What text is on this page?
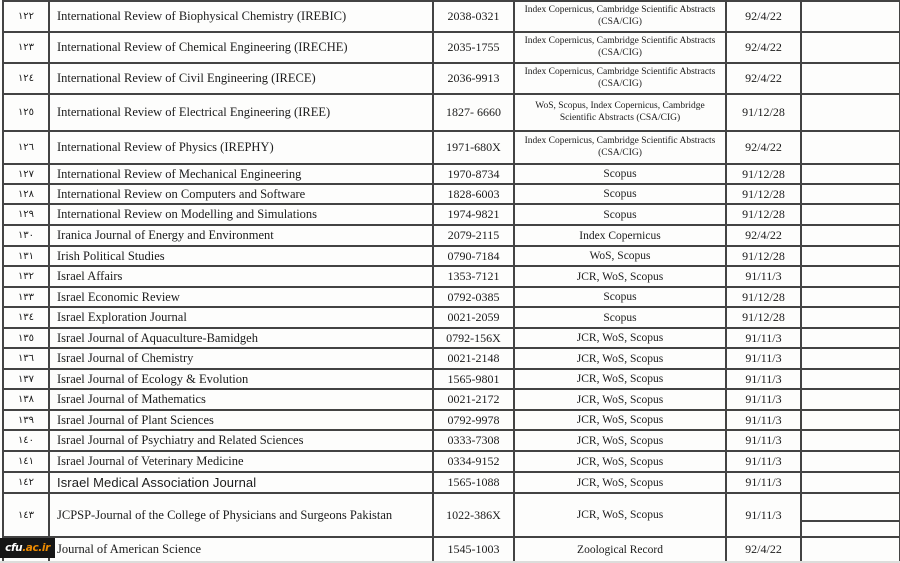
١٢٢	International Review of Biophysical Chemistry (IREBIC)	2038-0321	Index Copernicus, Cambridge Scientific Abstracts (CSA/CIG)	92/4/22	
١٢٣	International Review of Chemical Engineering (IRECHE)	2035-1755	Index Copernicus, Cambridge Scientific Abstracts (CSA/CIG)	92/4/22	
١٢٤	International Review of Civil Engineering (IRECE)	2036-9913	Index Copernicus, Cambridge Scientific Abstracts (CSA/CIG)	92/4/22	
١٢٥	International Review of Electrical Engineering (IREE)	1827- 6660	WoS, Scopus, Index Copernicus, Cambridge Scientific Abstracts (CSA/CIG)	91/12/28	
١٢٦	International Review of Physics (IREPHY)	1971-680X	Index Copernicus, Cambridge Scientific Abstracts (CSA/CIG)	92/4/22	
١٢٧	International Review of Mechanical Engineering	1970-8734	Scopus	91/12/28	
١٢٨	International Review on Computers and Software	1828-6003	Scopus	91/12/28	
١٢٩	International Review on Modelling and Simulations	1974-9821	Scopus	91/12/28	
١٣٠	Iranica Journal of Energy and Environment	2079-2115	Index Copernicus	92/4/22	
١٣١	Irish Political Studies	0790-7184	WoS, Scopus	91/12/28	
١٣٢	Israel Affairs	1353-7121	JCR, WoS, Scopus	91/11/3	
١٣٣	Israel Economic Review	0792-0385	Scopus	91/12/28	
١٣٤	Israel Exploration Journal	0021-2059	Scopus	91/12/28	
١٣٥	Israel Journal of Aquaculture-Bamidgeh	0792-156X	JCR, WoS, Scopus	91/11/3	
١٣٦	Israel Journal of Chemistry	0021-2148	JCR, WoS, Scopus	91/11/3	
١٣٧	Israel Journal of Ecology & Evolution	1565-9801	JCR, WoS, Scopus	91/11/3	
١٣٨	Israel Journal of Mathematics	0021-2172	JCR, WoS, Scopus	91/11/3	
١٣٩	Israel Journal of Plant Sciences	0792-9978	JCR, WoS, Scopus	91/11/3	
١٤٠	Israel Journal of Psychiatry and Related Sciences	0333-7308	JCR, WoS, Scopus	91/11/3	
١٤١	Israel Journal of Veterinary Medicine	0334-9152	JCR, WoS, Scopus	91/11/3	
١٤٢	Israel Medical Association Journal	1565-1088	JCR, WoS, Scopus	91/11/3	
١٤٣	JCPSP-Journal of the College of Physicians and Surgeons Pakistan	1022-386X	JCR, WoS, Scopus	91/11/3	

	Journal of American Science	1545-1003	Zoological Record	92/4/22	
cfu .ac.ir
